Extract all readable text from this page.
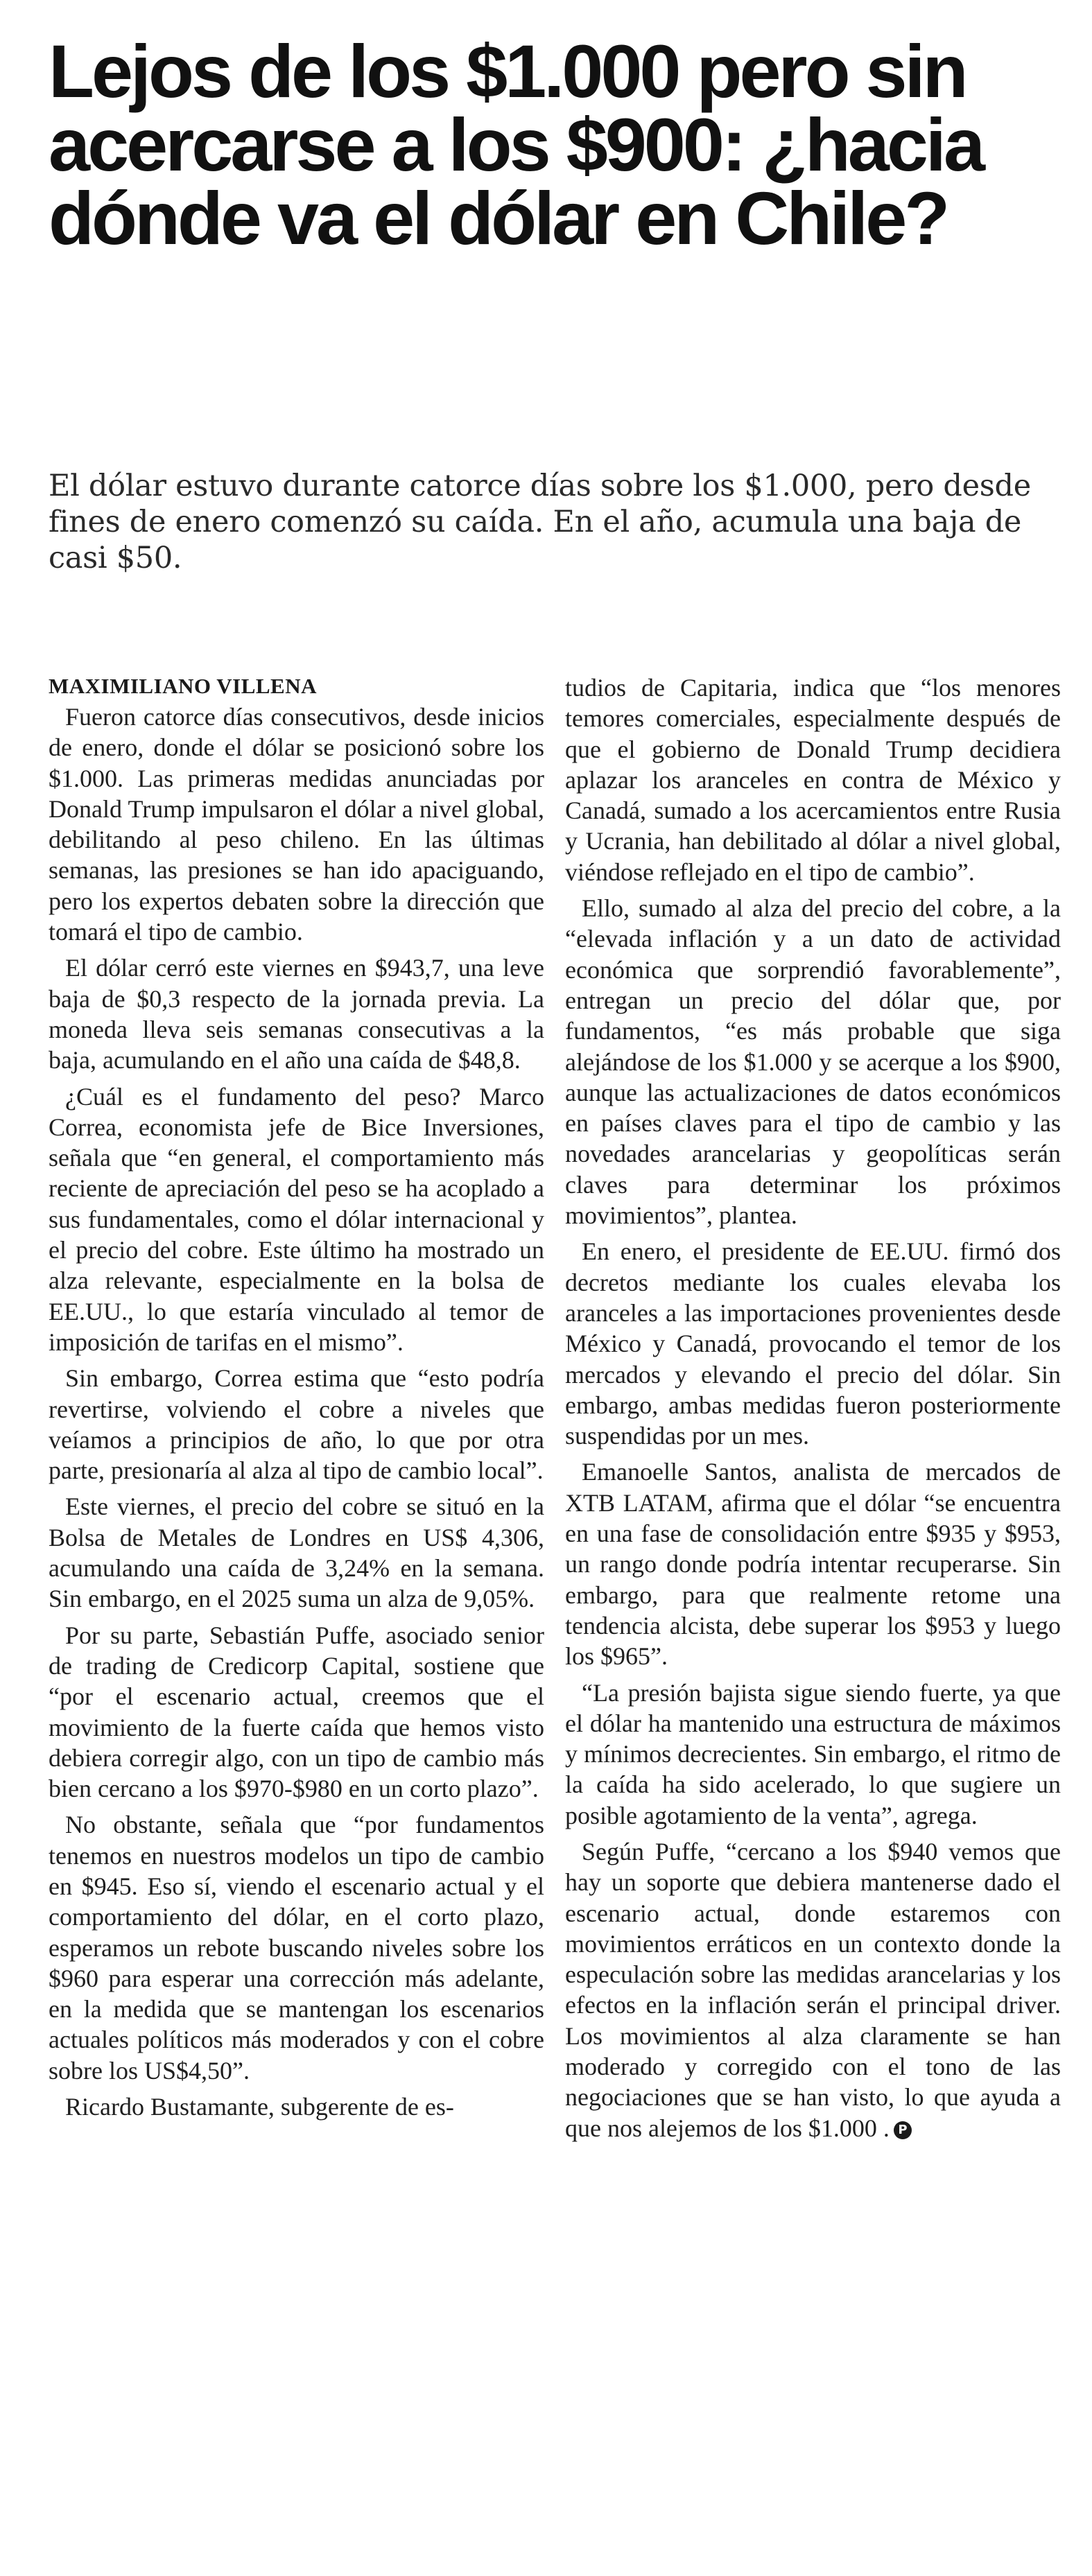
Lejos de los $1.000 pero sin acercarse a los $900: ¿hacia dónde va el dólar en Chile?

El dólar estuvo durante catorce días sobre los $1.000, pero desde fines de enero comenzó su caída. En el año, acumula una baja de casi $50.

MAXIMILIANO VILLENA

Fueron catorce días consecutivos, desde inicios de enero, donde el dólar se posicionó sobre los $1.000. Las primeras medidas anunciadas por Donald Trump impulsaron el dólar a nivel global, debilitando al peso chileno. En las últimas semanas, las presiones se han ido apaciguando, pero los expertos debaten sobre la dirección que tomará el tipo de cambio.

El dólar cerró este viernes en $943,7, una leve baja de $0,3 respecto de la jornada previa. La moneda lleva seis semanas consecutivas a la baja, acumulando en el año una caída de $48,8.

¿Cuál es el fundamento del peso? Marco Correa, economista jefe de Bice Inversiones, señala que “en general, el comportamiento más reciente de apreciación del peso se ha acoplado a sus fundamentales, como el dólar internacional y el precio del cobre. Este último ha mostrado un alza relevante, especialmente en la bolsa de EE.UU., lo que estaría vinculado al temor de imposición de tarifas en el mismo”.

Sin embargo, Correa estima que “esto podría revertirse, volviendo el cobre a niveles que veíamos a principios de año, lo que por otra parte, presionaría al alza al tipo de cambio local”.

Este viernes, el precio del cobre se situó en la Bolsa de Metales de Londres en US$ 4,306, acumulando una caída de 3,24% en la semana. Sin embargo, en el 2025 suma un alza de 9,05%.

Por su parte, Sebastián Puffe, asociado senior de trading de Credicorp Capital, sostiene que “por el escenario actual, creemos que el movimiento de la fuerte caída que hemos visto debiera corregir algo, con un tipo de cambio más bien cercano a los $970-$980 en un corto plazo”.

No obstante, señala que “por fundamentos tenemos en nuestros modelos un tipo de cambio en $945. Eso sí, viendo el escenario actual y el comportamiento del dólar, en el corto plazo, esperamos un rebote buscando niveles sobre los $960 para esperar una corrección más adelante, en la medida que se mantengan los escenarios actuales políticos más moderados y con el cobre sobre los US$4,50”.

Ricardo Bustamante, subgerente de es-

tudios de Capitaria, indica que “los menores temores comerciales, especialmente después de que el gobierno de Donald Trump decidiera aplazar los aranceles en contra de México y Canadá, sumado a los acercamientos entre Rusia y Ucrania, han debilitado al dólar a nivel global, viéndose reflejado en el tipo de cambio”.

Ello, sumado al alza del precio del cobre, a la “elevada inflación y a un dato de actividad económica que sorprendió favorablemente”, entregan un precio del dólar que, por fundamentos, “es más probable que siga alejándose de los $1.000 y se acerque a los $900, aunque las actualizaciones de datos económicos en países claves para el tipo de cambio y las novedades arancelarias y geopolíticas serán claves para determinar los próximos movimientos”, plantea.

En enero, el presidente de EE.UU. firmó dos decretos mediante los cuales elevaba los aranceles a las importaciones provenientes desde México y Canadá, provocando el temor de los mercados y elevando el precio del dólar. Sin embargo, ambas medidas fueron posteriormente suspendidas por un mes.

Emanoelle Santos, analista de mercados de XTB LATAM, afirma que el dólar “se encuentra en una fase de consolidación entre $935 y $953, un rango donde podría intentar recuperarse. Sin embargo, para que realmente retome una tendencia alcista, debe superar los $953 y luego los $965”.

“La presión bajista sigue siendo fuerte, ya que el dólar ha mantenido una estructura de máximos y mínimos decrecientes. Sin embargo, el ritmo de la caída ha sido acelerado, lo que sugiere un posible agotamiento de la venta”, agrega.

Según Puffe, “cercano a los $940 vemos que hay un soporte que debiera mantenerse dado el escenario actual, donde estaremos con movimientos erráticos en un contexto donde la especulación sobre las medidas arancelarias y los efectos en la inflación serán el principal driver. Los movimientos al alza claramente se han moderado y corregido con el tono de las negociaciones que se han visto, lo que ayuda a que nos alejemos de los $1.000 . P
